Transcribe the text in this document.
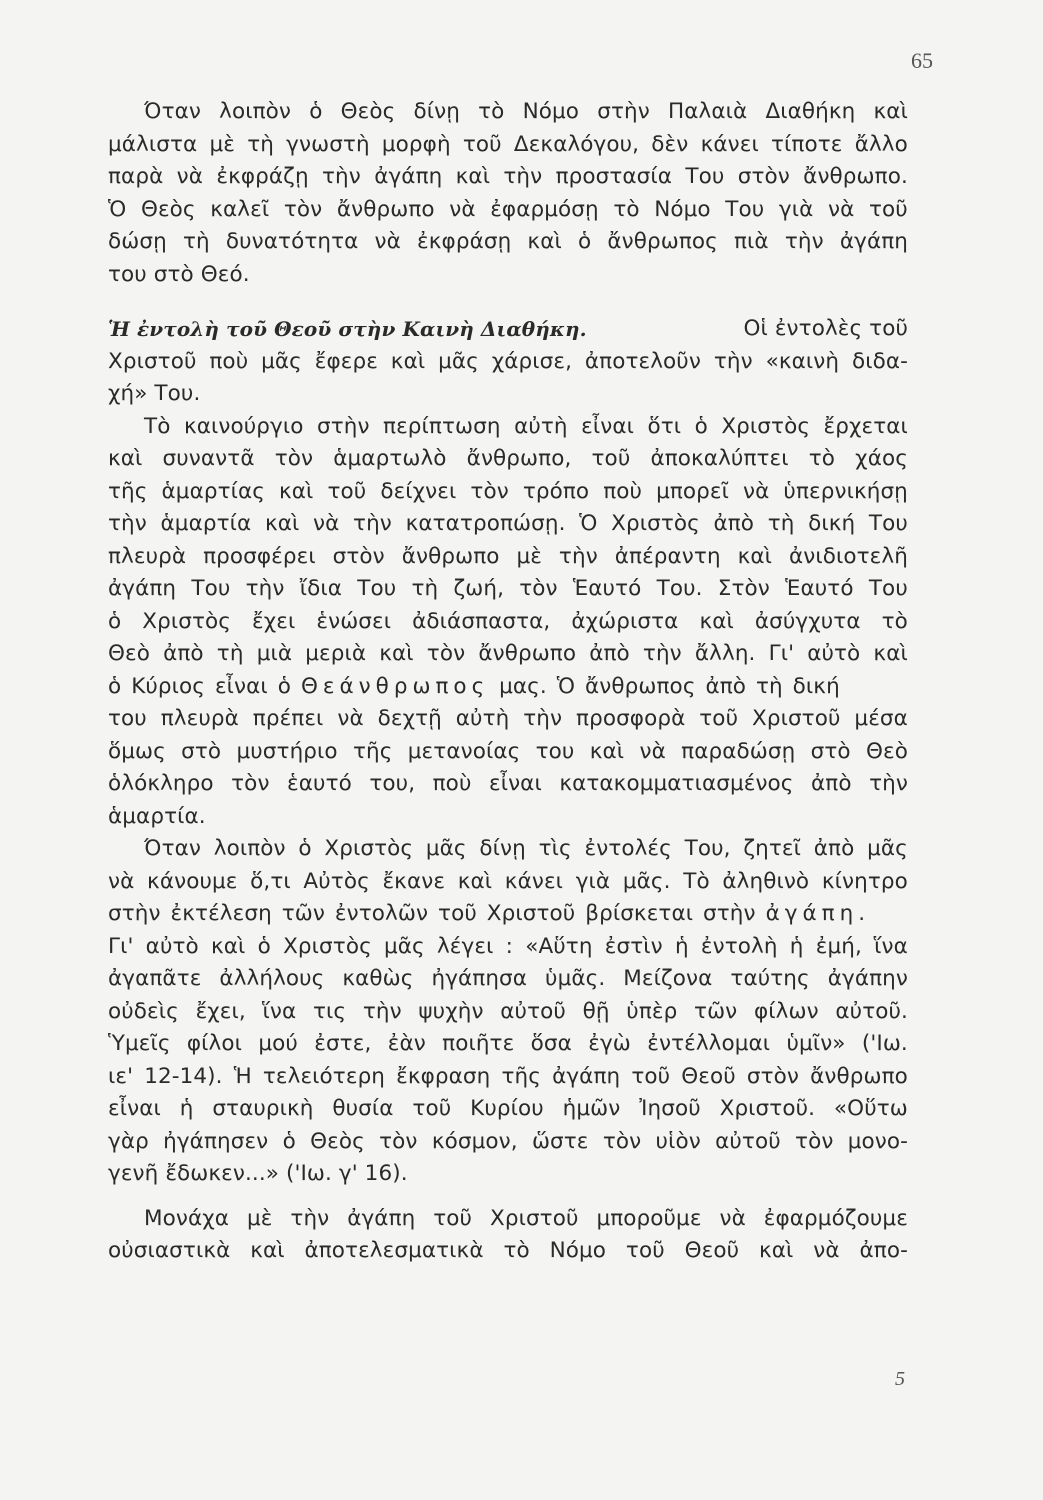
65
Όταν λοιπὸν ὁ Θεὸς δίνῃ τὸ Νόμο στὴν Παλαιὰ Διαθήκη καὶ
μάλιστα μὲ τὴ γνωστὴ μορφὴ τοῦ Δεκαλόγου, δὲν κάνει τίποτε ἄλλο
παρὰ νὰ ἐκφράζῃ τὴν ἀγάπη καὶ τὴν προστασία Του στὸν ἄνθρωπο.
Ὁ Θεὸς καλεῖ τὸν ἄνθρωπο νὰ ἐφαρμόσῃ τὸ Νόμο Του γιὰ νὰ τοῦ
δώσῃ τὴ δυνατότητα νὰ ἐκφράσῃ καὶ ὁ ἄνθρωπος πιὰ τὴν ἀγάπη
του στὸ Θεό.
Ἡ ἐντολὴ τοῦ Θεοῦ στὴν Καινὴ Διαθήκη.	Οἱ ἐντολὲς τοῦ
Χριστοῦ ποὺ μᾶς ἔφερε καὶ μᾶς χάρισε, ἀποτελοῦν τὴν «καινὴ διδα-
χή» Του.
Τὸ καινούργιο στὴν περίπτωση αὐτὴ εἶναι ὅτι ὁ Χριστὸς ἔρχεται
καὶ συναντᾶ τὸν ἁμαρτωλὸ ἄνθρωπο, τοῦ ἀποκαλύπτει τὸ χάος
τῆς ἁμαρτίας καὶ τοῦ δείχνει τὸν τρόπο ποὺ μπορεῖ νὰ ὑπερνικήσῃ
τὴν ἁμαρτία καὶ νὰ τὴν κατατροπώσῃ. Ὁ Χριστὸς ἀπὸ τὴ δική Του
πλευρὰ προσφέρει στὸν ἄνθρωπο μὲ τὴν ἀπέραντη καὶ ἀνιδιοτελῆ
ἀγάπη Του τὴν ἴδια Του τὴ ζωή, τὸν Ἑαυτό Του. Στὸν Ἑαυτό Του
ὁ Χριστὸς ἔχει ἑνώσει ἀδιάσπαστα, ἀχώριστα καὶ ἀσύγχυτα τὸ
Θεὸ ἀπὸ τὴ μιὰ μεριὰ καὶ τὸν ἄνθρωπο ἀπὸ τὴν ἄλλη. Γι' αὐτὸ καὶ
ὁ Κύριος εἶναι ὁ Θεάνθρωπος μας. Ὁ ἄνθρωπος ἀπὸ τὴ δική
του πλευρὰ πρέπει νὰ δεχτῇ αὐτὴ τὴν προσφορὰ τοῦ Χριστοῦ μέσα
ὅμως στὸ μυστήριο τῆς μετανοίας του καὶ νὰ παραδώσῃ στὸ Θεὸ
ὁλόκληρο τὸν ἑαυτό του, ποὺ εἶναι κατακομματιασμένος ἀπὸ τὴν
ἁμαρτία.
Όταν λοιπὸν ὁ Χριστὸς μᾶς δίνῃ τὶς ἐντολές Του, ζητεῖ ἀπὸ μᾶς
νὰ κάνουμε ὅ,τι Αὐτὸς ἔκανε καὶ κάνει γιὰ μᾶς. Τὸ ἀληθινὸ κίνητρο
στὴν ἐκτέλεση τῶν ἐντολῶν τοῦ Χριστοῦ βρίσκεται στὴν ἀγάπη .
Γι' αὐτὸ καὶ ὁ Χριστὸς μᾶς λέγει : «Αὕτη ἐστὶν ἡ ἐντολὴ ἡ ἐμή, ἵνα
ἀγαπᾶτε ἀλλήλους καθὼς ἠγάπησα ὑμᾶς. Μείζονα ταύτης ἀγάπην
οὐδεὶς ἔχει, ἵνα τις τὴν ψυχὴν αὐτοῦ θῇ ὑπὲρ τῶν φίλων αὐτοῦ.
Ὑμεῖς φίλοι μού ἐστε, ἐὰν ποιῆτε ὅσα ἐγὼ ἐντέλλομαι ὑμῖν» ('Ιω.
ιε' 12-14). Ἡ τελειότερη ἔκφραση τῆς ἀγάπη τοῦ Θεοῦ στὸν ἄνθρωπο
εἶναι ἡ σταυρικὴ θυσία τοῦ Κυρίου ἡμῶν Ἰησοῦ Χριστοῦ. «Οὕτω
γὰρ ἠγάπησεν ὁ Θεὸς τὸν κόσμον, ὥστε τὸν υἱὸν αὐτοῦ τὸν μονο-
γενῆ ἔδωκεν...» ('Ιω. γ' 16).
Μονάχα μὲ τὴν ἀγάπη τοῦ Χριστοῦ μποροῦμε νὰ ἐφαρμόζουμε
οὐσιαστικὰ καὶ ἀποτελεσματικὰ τὸ Νόμο τοῦ Θεοῦ καὶ νὰ ἀπο-
5
